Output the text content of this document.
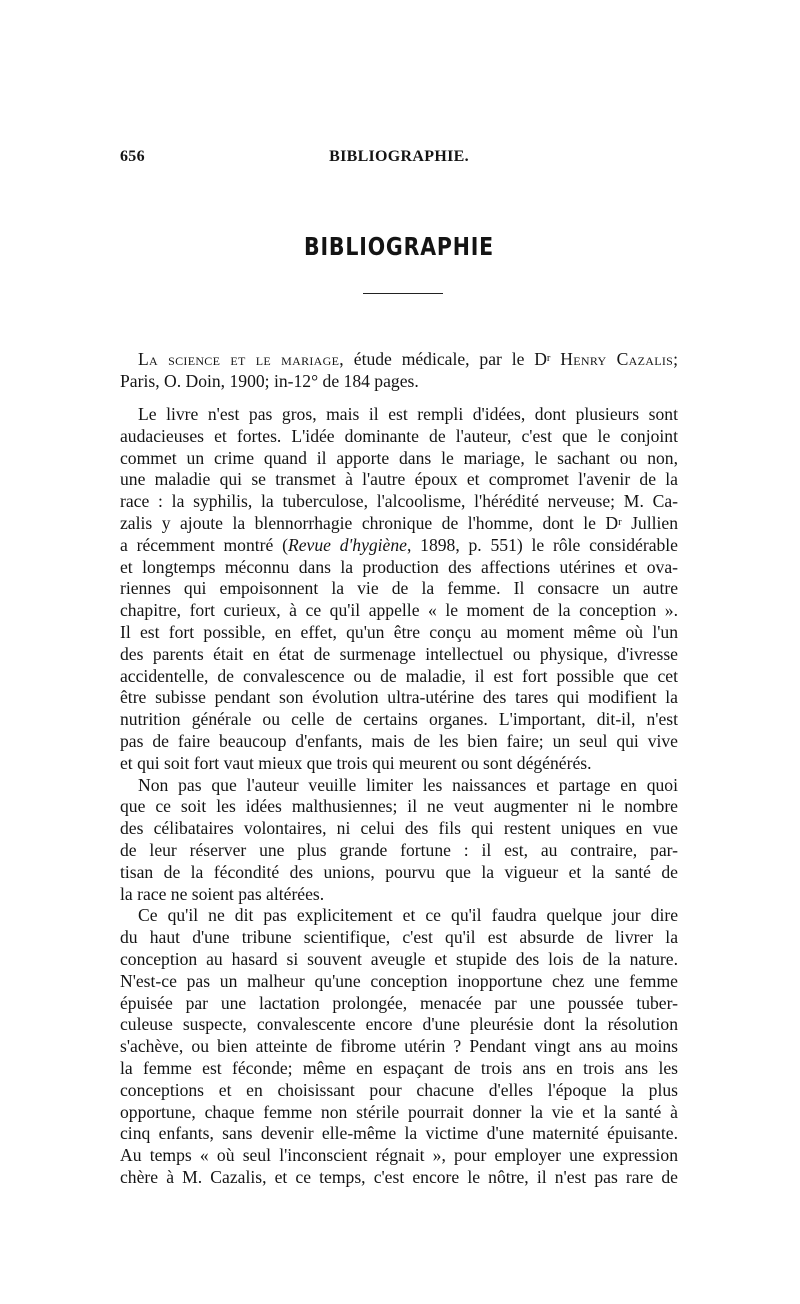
656	BIBLIOGRAPHIE.
BIBLIOGRAPHIE
La science et le mariage, étude médicale, par le $D^r$ Henry Cazalis;
Paris, O. Doin, 1900; in-12° de 184 pages.
Le livre n'est pas gros, mais il est rempli d'idées, dont plusieurs sont
audacieuses et fortes. L'idée dominante de l'auteur, c'est que le conjoint
commet un crime quand il apporte dans le mariage, le sachant ou non,
une maladie qui se transmet à l'autre époux et compromet l'avenir de la
race : la syphilis, la tuberculose, l'alcoolisme, l'hérédité nerveuse; M. Ca-
zalis y ajoute la blennorrhagie chronique de l'homme, dont le $D^r$ Jullien
a récemment montré (Revue d'hygiène, 1898, p. 551) le rôle considérable
et longtemps méconnu dans la production des affections utérines et ova-
riennes qui empoisonnent la vie de la femme. Il consacre un autre
chapitre, fort curieux, à ce qu'il appelle « le moment de la conception ».
Il est fort possible, en effet, qu'un être conçu au moment même où l'un
des parents était en état de surmenage intellectuel ou physique, d'ivresse
accidentelle, de convalescence ou de maladie, il est fort possible que cet
être subisse pendant son évolution ultra-utérine des tares qui modifient la
nutrition générale ou celle de certains organes. L'important, dit-il, n'est
pas de faire beaucoup d'enfants, mais de les bien faire; un seul qui vive
et qui soit fort vaut mieux que trois qui meurent ou sont dégénérés.
Non pas que l'auteur veuille limiter les naissances et partage en quoi
que ce soit les idées malthusiennes; il ne veut augmenter ni le nombre
des célibataires volontaires, ni celui des fils qui restent uniques en vue
de leur réserver une plus grande fortune : il est, au contraire, par-
tisan de la fécondité des unions, pourvu que la vigueur et la santé de
la race ne soient pas altérées.
Ce qu'il ne dit pas explicitement et ce qu'il faudra quelque jour dire
du haut d'une tribune scientifique, c'est qu'il est absurde de livrer la
conception au hasard si souvent aveugle et stupide des lois de la nature.
N'est-ce pas un malheur qu'une conception inopportune chez une femme
épuisée par une lactation prolongée, menacée par une poussée tuber-
culeuse suspecte, convalescente encore d'une pleurésie dont la résolution
s'achève, ou bien atteinte de fibrome utérin ? Pendant vingt ans au moins
la femme est féconde; même en espaçant de trois ans en trois ans les
conceptions et en choisissant pour chacune d'elles l'époque la plus
opportune, chaque femme non stérile pourrait donner la vie et la santé à
cinq enfants, sans devenir elle-même la victime d'une maternité épuisante.
Au temps « où seul l'inconscient régnait », pour employer une expression
chère à M. Cazalis, et ce temps, c'est encore le nôtre, il n'est pas rare de
